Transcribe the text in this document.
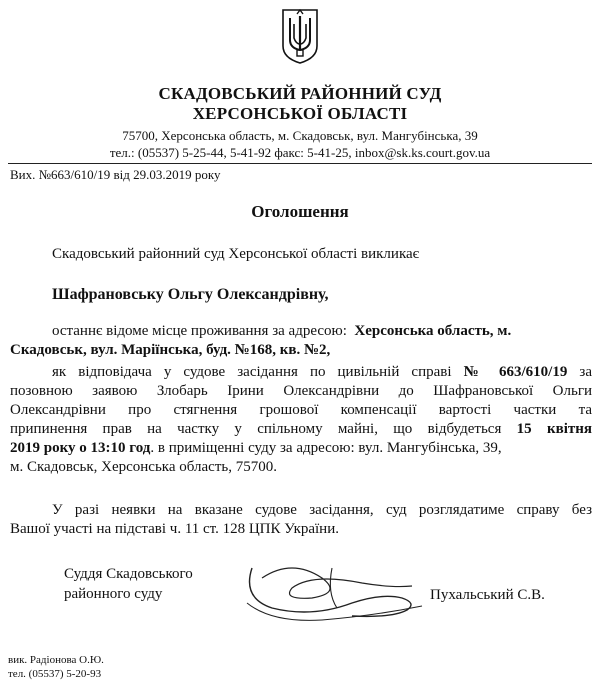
СКАДОВСЬКИЙ РАЙОННИЙ СУД
ХЕРСОНСЬКОЇ ОБЛАСТІ
75700, Херсонська область, м. Скадовськ, вул. Мангубінська, 39
тел.: (05537) 5-25-44, 5-41-92 факс: 5-41-25, inbox@sk.ks.court.gov.ua
Вих. №663/610/19 від 29.03.2019 року
Оголошення
Скадовський районний суд Херсонської області викликає
Шафрановську Ольгу Олександрівну,
останнє відоме місце проживання за адресою: Херсонська область, м.
Скадовськ, вул. Маріїнська, буд. №168, кв. №2,
як відповідача у судове засідання по цивільній справі № 663/610/19 за
позовною заявою Злобарь Ірини Олександрівни до Шафрановської Ольги
Олександрівни про стягнення грошової компенсації вартості частки та
припинення прав на частку у спільному майні, що відбудеться 15 квітня
2019 року о 13:10 год. в приміщенні суду за адресою: вул. Мангубінська, 39,
м. Скадовськ, Херсонська область, 75700.
У разі неявки на вказане судове засідання, суд розглядатиме справу без
Вашої участі на підставі ч. 11 ст. 128 ЦПК України.
Суддя Скадовського
районного суду	Пухальський С.В.
вик. Радіонова О.Ю.
тел. (05537) 5-20-93
